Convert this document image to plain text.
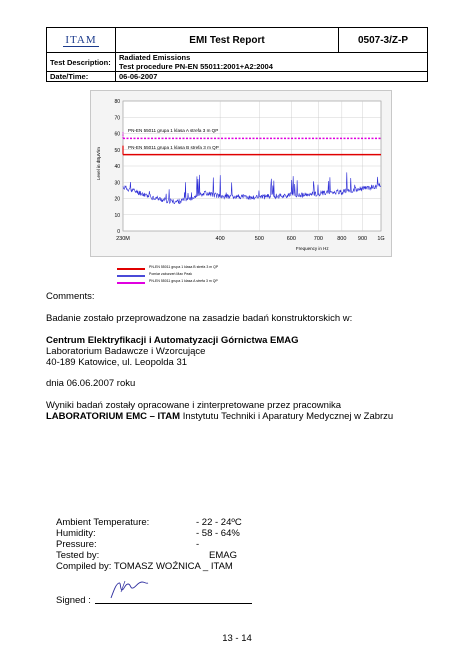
ITAM	EMI Test Report	0507-3/Z-P
Test Description:	Radiated Emissions
Test procedure PN-EN 55011:2001+A2:2004	

Date/Time:	06-06-2007	
0
10
20
30
40
50
60
70
80
230M	400	500	600	700	800 900 1G
Frequency in Hz
Level in dBµV/m
PN-EN 55011 grupa 1 klasa A strefa 3 m QP
PN-EN 55011 grupa 1 klasa B strefa 3 m QP
PN-EN 55011 grupa 1 klasa B strefa 3 m QP
Pomiar zaburzeń Max Peak
PN-EN 55011 grupa 1 klasa A strefa 3 m QP
Comments:
Badanie zostało przeprowadzone na zasadzie badań konstruktorskich w:
Centrum Elektryfikacji i Automatyzacji Górnictwa EMAG
Laboratorium Badawcze i Wzorcujące
40-189 Katowice, ul. Leopolda 31
dnia 06.06.2007 roku
Wyniki badań zostały opracowane i zinterpretowane przez pracownika
LABORATORIUM EMC – ITAM Instytutu Techniki i Aparatury Medycznej w Zabrzu
Ambient Temperature:	- 22 - 24ºC
Humidity:	- 58 - 64%
Pressure:	-
Tested by:	EMAG
Compiled by: TOMASZ WOŹNICA _ ITAM
Signed :
13 - 14
